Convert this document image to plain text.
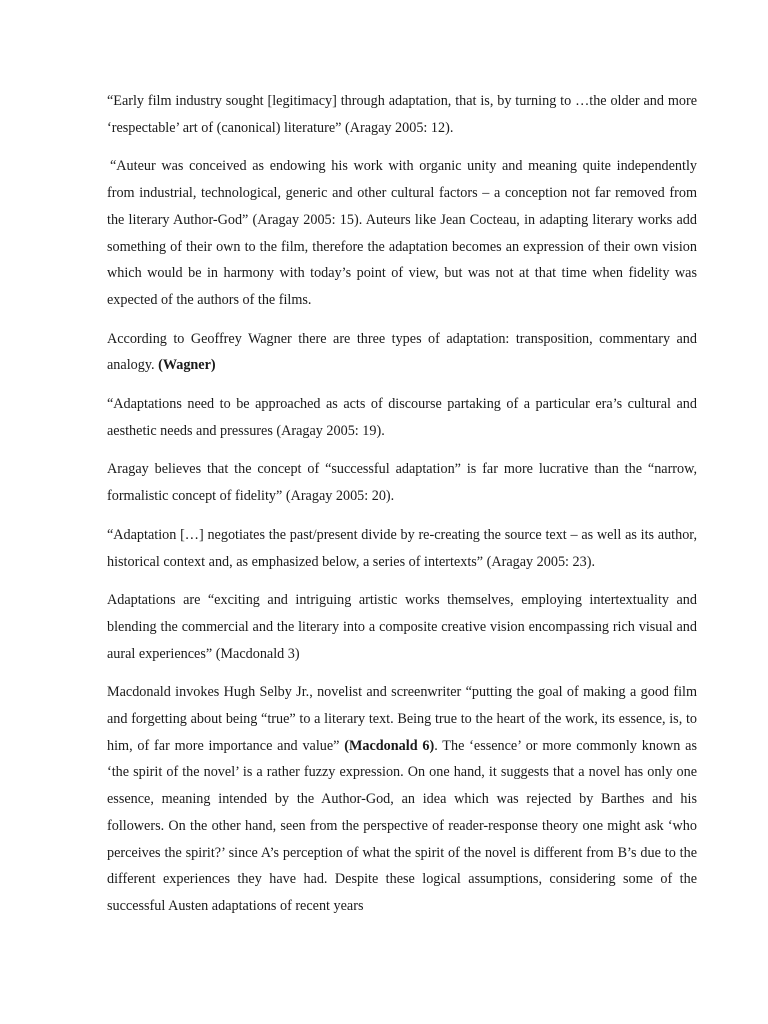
“Early film industry sought [legitimacy] through adaptation, that is, by turning to …the older and more ‘respectable’ art of (canonical) literature” (Aragay 2005: 12).

“Auteur was conceived as endowing his work with organic unity and meaning quite independently from industrial, technological, generic and other cultural factors – a conception not far removed from the literary Author-God” (Aragay 2005: 15). Auteurs like Jean Cocteau, in adapting literary works add something of their own to the film, therefore the adaptation becomes an expression of their own vision which would be in harmony with today’s point of view, but was not at that time when fidelity was expected of the authors of the films.

According to Geoffrey Wagner there are three types of adaptation: transposition, commentary and analogy. (Wagner)

“Adaptations need to be approached as acts of discourse partaking of a particular era’s cultural and aesthetic needs and pressures (Aragay 2005: 19).

Aragay believes that the concept of “successful adaptation” is far more lucrative than the “narrow, formalistic concept of fidelity” (Aragay 2005: 20).

“Adaptation […] negotiates the past/present divide by re-creating the source text – as well as its author, historical context and, as emphasized below, a series of intertexts” (Aragay 2005: 23).

Adaptations are “exciting and intriguing artistic works themselves, employing intertextuality and blending the commercial and the literary into a composite creative vision encompassing rich visual and aural experiences” (Macdonald 3)

Macdonald invokes Hugh Selby Jr., novelist and screenwriter “putting the goal of making a good film and forgetting about being “true” to a literary text. Being true to the heart of the work, its essence, is, to him, of far more importance and value” (Macdonald 6). The ‘essence’ or more commonly known as ‘the spirit of the novel’ is a rather fuzzy expression. On one hand, it suggests that a novel has only one essence, meaning intended by the Author-God, an idea which was rejected by Barthes and his followers. On the other hand, seen from the perspective of reader-response theory one might ask ‘who perceives the spirit?’ since A’s perception of what the spirit of the novel is different from B’s due to the different experiences they have had. Despite these logical assumptions, considering some of the successful Austen adaptations of recent years
